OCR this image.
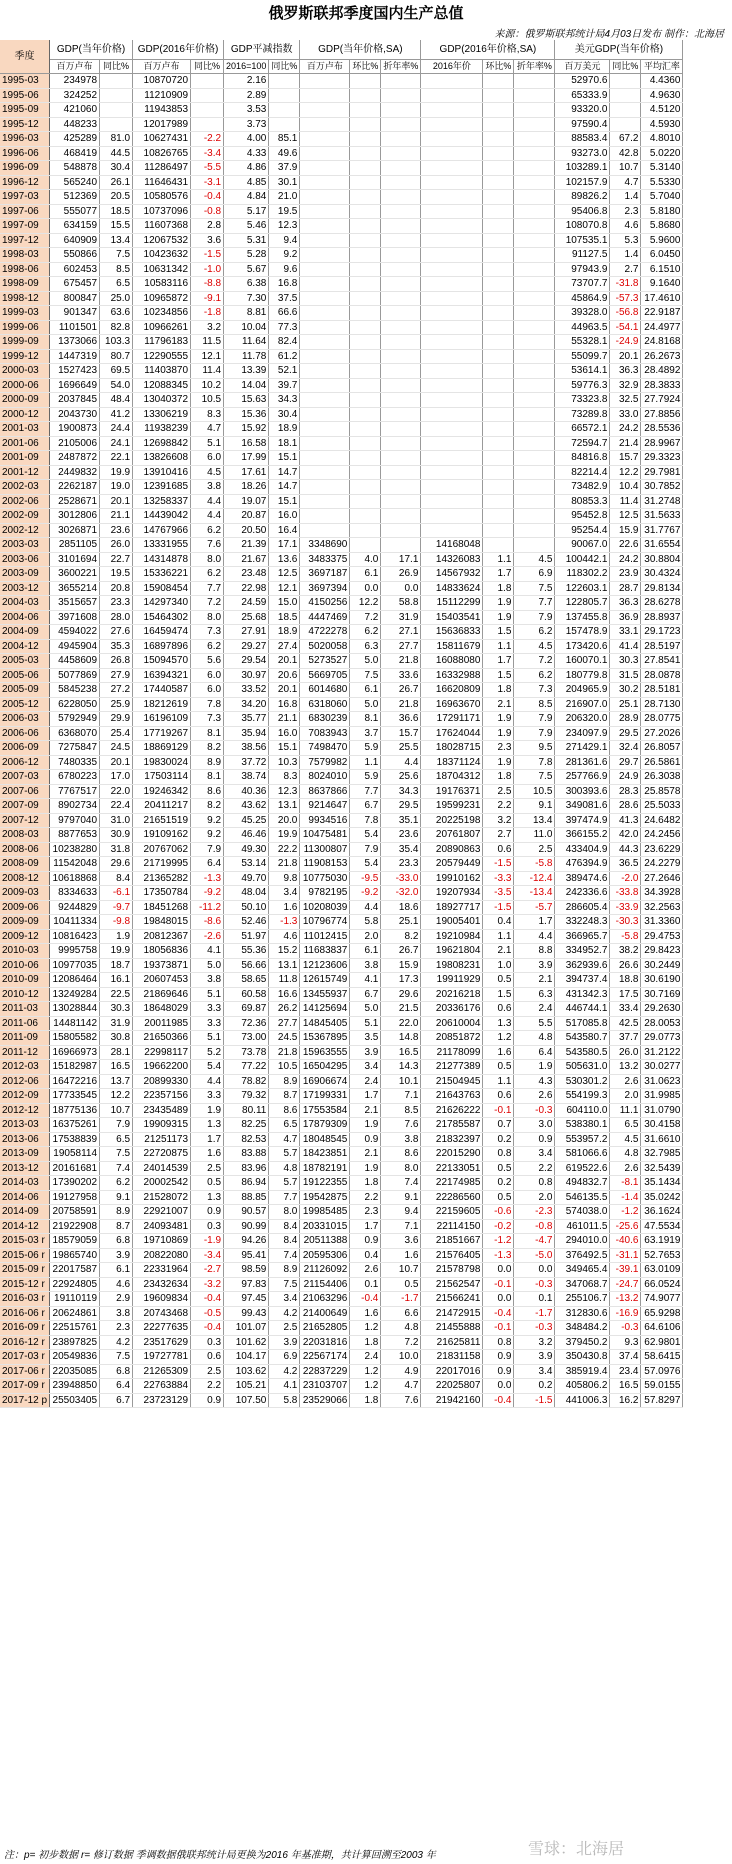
俄罗斯联邦季度国内生产总值
来源：俄罗斯联邦统计局4月03日发布 制作：北海居
季度	GDP(当年价格)		GDP(2016年价格)		GDP平减指数		GDP(当年价格,SA)			GDP(2016年价格,SA)			美元GDP(当年价格)		
	百万卢布	同比%	百万卢布	同比%	2016=100	同比%	百万卢布	环比%	折年率%	2016年价	环比%	折年率%	百万美元	同比%	平均汇率
1995-03	234978		10870720		2.16								52970.6		4.4360
1995-06	324252		11210909		2.89								65333.9		4.9630
1995-09	421060		11943853		3.53								93320.0		4.5120
1995-12	448233		12017989		3.73								97590.4		4.5930
1996-03	425289	81.0	10627431	-2.2	4.00	85.1							88583.4	67.2	4.8010
1996-06	468419	44.5	10826765	-3.4	4.33	49.6							93273.0	42.8	5.0220
1996-09	548878	30.4	11286497	-5.5	4.86	37.9							103289.1	10.7	5.3140
1996-12	565240	26.1	11646431	-3.1	4.85	30.1							102157.9	4.7	5.5330
1997-03	512369	20.5	10580576	-0.4	4.84	21.0							89826.2	1.4	5.7040
1997-06	555077	18.5	10737096	-0.8	5.17	19.5							95406.8	2.3	5.8180
1997-09	634159	15.5	11607368	2.8	5.46	12.3							108070.8	4.6	5.8680
1997-12	640909	13.4	12067532	3.6	5.31	9.4							107535.1	5.3	5.9600
1998-03	550866	7.5	10423632	-1.5	5.28	9.2							91127.5	1.4	6.0450
1998-06	602453	8.5	10631342	-1.0	5.67	9.6							97943.9	2.7	6.1510
1998-09	675457	6.5	10583116	-8.8	6.38	16.8							73707.7	-31.8	9.1640
1998-12	800847	25.0	10965872	-9.1	7.30	37.5							45864.9	-57.3	17.4610
1999-03	901347	63.6	10234856	-1.8	8.81	66.6							39328.0	-56.8	22.9187
1999-06	1101501	82.8	10966261	3.2	10.04	77.3							44963.5	-54.1	24.4977
1999-09	1373066	103.3	11796183	11.5	11.64	82.4							55328.1	-24.9	24.8168
1999-12	1447319	80.7	12290555	12.1	11.78	61.2							55099.7	20.1	26.2673
2000-03	1527423	69.5	11403870	11.4	13.39	52.1							53614.1	36.3	28.4892
2000-06	1696649	54.0	12088345	10.2	14.04	39.7							59776.3	32.9	28.3833
2000-09	2037845	48.4	13040372	10.5	15.63	34.3							73323.8	32.5	27.7924
2000-12	2043730	41.2	13306219	8.3	15.36	30.4							73289.8	33.0	27.8856
2001-03	1900873	24.4	11938239	4.7	15.92	18.9							66572.1	24.2	28.5536
2001-06	2105006	24.1	12698842	5.1	16.58	18.1							72594.7	21.4	28.9967
2001-09	2487872	22.1	13826608	6.0	17.99	15.1							84816.8	15.7	29.3323
2001-12	2449832	19.9	13910416	4.5	17.61	14.7							82214.4	12.2	29.7981
2002-03	2262187	19.0	12391685	3.8	18.26	14.7							73482.9	10.4	30.7852
2002-06	2528671	20.1	13258337	4.4	19.07	15.1							80853.3	11.4	31.2748
2002-09	3012806	21.1	14439042	4.4	20.87	16.0							95452.8	12.5	31.5633
2002-12	3026871	23.6	14767966	6.2	20.50	16.4							95254.4	15.9	31.7767
2003-03	2851105	26.0	13331955	7.6	21.39	17.1	3348690			14168048			90067.0	22.6	31.6554
2003-06	3101694	22.7	14314878	8.0	21.67	13.6	3483375	4.0	17.1	14326083	1.1	4.5	100442.1	24.2	30.8804
2003-09	3600221	19.5	15336221	6.2	23.48	12.5	3697187	6.1	26.9	14567932	1.7	6.9	118302.2	23.9	30.4324
2003-12	3655214	20.8	15908454	7.7	22.98	12.1	3697394	0.0	0.0	14833624	1.8	7.5	122603.1	28.7	29.8134
2004-03	3515657	23.3	14297340	7.2	24.59	15.0	4150256	12.2	58.8	15112299	1.9	7.7	122805.7	36.3	28.6278
2004-06	3971608	28.0	15464302	8.0	25.68	18.5	4447469	7.2	31.9	15403541	1.9	7.9	137455.8	36.9	28.8937
2004-09	4594022	27.6	16459474	7.3	27.91	18.9	4722278	6.2	27.1	15636833	1.5	6.2	157478.9	33.1	29.1723
2004-12	4945904	35.3	16897896	6.2	29.27	27.4	5020058	6.3	27.7	15811679	1.1	4.5	173420.6	41.4	28.5197
2005-03	4458609	26.8	15094570	5.6	29.54	20.1	5273527	5.0	21.8	16088080	1.7	7.2	160070.1	30.3	27.8541
2005-06	5077869	27.9	16394321	6.0	30.97	20.6	5669705	7.5	33.6	16332988	1.5	6.2	180779.8	31.5	28.0878
2005-09	5845238	27.2	17440587	6.0	33.52	20.1	6014680	6.1	26.7	16620809	1.8	7.3	204965.9	30.2	28.5181
2005-12	6228050	25.9	18212619	7.8	34.20	16.8	6318060	5.0	21.8	16963670	2.1	8.5	216907.0	25.1	28.7130
2006-03	5792949	29.9	16196109	7.3	35.77	21.1	6830239	8.1	36.6	17291171	1.9	7.9	206320.0	28.9	28.0775
2006-06	6368070	25.4	17719267	8.1	35.94	16.0	7083943	3.7	15.7	17624044	1.9	7.9	234097.9	29.5	27.2026
2006-09	7275847	24.5	18869129	8.2	38.56	15.1	7498470	5.9	25.5	18028715	2.3	9.5	271429.1	32.4	26.8057
2006-12	7480335	20.1	19830024	8.9	37.72	10.3	7579982	1.1	4.4	18371124	1.9	7.8	281361.6	29.7	26.5861
2007-03	6780223	17.0	17503114	8.1	38.74	8.3	8024010	5.9	25.6	18704312	1.8	7.5	257766.9	24.9	26.3038
2007-06	7767517	22.0	19246342	8.6	40.36	12.3	8637866	7.7	34.3	19176371	2.5	10.5	300393.6	28.3	25.8578
2007-09	8902734	22.4	20411217	8.2	43.62	13.1	9214647	6.7	29.5	19599231	2.2	9.1	349081.6	28.6	25.5033
2007-12	9797040	31.0	21651519	9.2	45.25	20.0	9934516	7.8	35.1	20225198	3.2	13.4	397474.9	41.3	24.6482
2008-03	8877653	30.9	19109162	9.2	46.46	19.9	10475481	5.4	23.6	20761807	2.7	11.0	366155.2	42.0	24.2456
2008-06	10238280	31.8	20767062	7.9	49.30	22.2	11300807	7.9	35.4	20890863	0.6	2.5	433404.9	44.3	23.6229
2008-09	11542048	29.6	21719995	6.4	53.14	21.8	11908153	5.4	23.3	20579449	-1.5	-5.8	476394.9	36.5	24.2279
2008-12	10618868	8.4	21365282	-1.3	49.70	9.8	10775030	-9.5	-33.0	19910162	-3.3	-12.4	389474.6	-2.0	27.2646
2009-03	8334633	-6.1	17350784	-9.2	48.04	3.4	9782195	-9.2	-32.0	19207934	-3.5	-13.4	242336.6	-33.8	34.3928
2009-06	9244829	-9.7	18451268	-11.2	50.10	1.6	10208039	4.4	18.6	18927717	-1.5	-5.7	286605.4	-33.9	32.2563
2009-09	10411334	-9.8	19848015	-8.6	52.46	-1.3	10796774	5.8	25.1	19005401	0.4	1.7	332248.3	-30.3	31.3360
2009-12	10816423	1.9	20812367	-2.6	51.97	4.6	11012415	2.0	8.2	19210984	1.1	4.4	366965.7	-5.8	29.4753
2010-03	9995758	19.9	18056836	4.1	55.36	15.2	11683837	6.1	26.7	19621804	2.1	8.8	334952.7	38.2	29.8423
2010-06	10977035	18.7	19373871	5.0	56.66	13.1	12123606	3.8	15.9	19808231	1.0	3.9	362939.6	26.6	30.2449
2010-09	12086464	16.1	20607453	3.8	58.65	11.8	12615749	4.1	17.3	19911929	0.5	2.1	394737.4	18.8	30.6190
2010-12	13249284	22.5	21869646	5.1	60.58	16.6	13455937	6.7	29.6	20216218	1.5	6.3	431342.3	17.5	30.7169
2011-03	13028844	30.3	18648029	3.3	69.87	26.2	14125694	5.0	21.5	20336176	0.6	2.4	446744.1	33.4	29.2630
2011-06	14481142	31.9	20011985	3.3	72.36	27.7	14845405	5.1	22.0	20610004	1.3	5.5	517085.8	42.5	28.0053
2011-09	15805582	30.8	21650366	5.1	73.00	24.5	15367895	3.5	14.8	20851872	1.2	4.8	543580.7	37.7	29.0773
2011-12	16966973	28.1	22998117	5.2	73.78	21.8	15963555	3.9	16.5	21178099	1.6	6.4	543580.5	26.0	31.2122
2012-03	15182987	16.5	19662200	5.4	77.22	10.5	16504295	3.4	14.3	21277389	0.5	1.9	505631.0	13.2	30.0277
2012-06	16472216	13.7	20899330	4.4	78.82	8.9	16906674	2.4	10.1	21504945	1.1	4.3	530301.2	2.6	31.0623
2012-09	17733545	12.2	22357156	3.3	79.32	8.7	17199331	1.7	7.1	21643763	0.6	2.6	554199.3	2.0	31.9985
2012-12	18775136	10.7	23435489	1.9	80.11	8.6	17553584	2.1	8.5	21626222	-0.1	-0.3	604110.0	11.1	31.0790
2013-03	16375261	7.9	19909315	1.3	82.25	6.5	17879309	1.9	7.6	21785587	0.7	3.0	538380.1	6.5	30.4158
2013-06	17538839	6.5	21251173	1.7	82.53	4.7	18048545	0.9	3.8	21832397	0.2	0.9	553957.2	4.5	31.6610
2013-09	19058114	7.5	22720875	1.6	83.88	5.7	18423851	2.1	8.6	22015290	0.8	3.4	581066.6	4.8	32.7985
2013-12	20161681	7.4	24014539	2.5	83.96	4.8	18782191	1.9	8.0	22133051	0.5	2.2	619522.6	2.6	32.5439
2014-03	17390202	6.2	20002542	0.5	86.94	5.7	19122355	1.8	7.4	22174985	0.2	0.8	494832.7	-8.1	35.1434
2014-06	19127958	9.1	21528072	1.3	88.85	7.7	19542875	2.2	9.1	22286560	0.5	2.0	546135.5	-1.4	35.0242
2014-09	20758591	8.9	22921007	0.9	90.57	8.0	19985485	2.3	9.4	22159605	-0.6	-2.3	574038.0	-1.2	36.1624
2014-12	21922908	8.7	24093481	0.3	90.99	8.4	20331015	1.7	7.1	22114150	-0.2	-0.8	461011.5	-25.6	47.5534
2015-03 r	18579059	6.8	19710869	-1.9	94.26	8.4	20511388	0.9	3.6	21851667	-1.2	-4.7	294010.0	-40.6	63.1919
2015-06 r	19865740	3.9	20822080	-3.4	95.41	7.4	20595306	0.4	1.6	21576405	-1.3	-5.0	376492.5	-31.1	52.7653
2015-09 r	22017587	6.1	22331964	-2.7	98.59	8.9	21126092	2.6	10.7	21578798	0.0	0.0	349465.4	-39.1	63.0109
2015-12 r	22924805	4.6	23432634	-3.2	97.83	7.5	21154406	0.1	0.5	21562547	-0.1	-0.3	347068.7	-24.7	66.0524
2016-03 r	19110119	2.9	19609834	-0.4	97.45	3.4	21063296	-0.4	-1.7	21566241	0.0	0.1	255106.7	-13.2	74.9077
2016-06 r	20624861	3.8	20743468	-0.5	99.43	4.2	21400649	1.6	6.6	21472915	-0.4	-1.7	312830.6	-16.9	65.9298
2016-09 r	22515761	2.3	22277635	-0.4	101.07	2.5	21652805	1.2	4.8	21455888	-0.1	-0.3	348484.2	-0.3	64.6106
2016-12 r	23897825	4.2	23517629	0.3	101.62	3.9	22031816	1.8	7.2	21625811	0.8	3.2	379450.2	9.3	62.9801
2017-03 r	20549836	7.5	19727781	0.6	104.17	6.9	22567174	2.4	10.0	21831158	0.9	3.9	350430.8	37.4	58.6415
2017-06 r	22035085	6.8	21265309	2.5	103.62	4.2	22837229	1.2	4.9	22017016	0.9	3.4	385919.4	23.4	57.0976
2017-09 r	23948850	6.4	22763884	2.2	105.21	4.1	23103707	1.2	4.7	22025807	0.0	0.2	405806.2	16.5	59.0155
2017-12 p	25503405	6.7	23723129	0.9	107.50	5.8	23529066	1.8	7.6	21942160	-0.4	-1.5	441006.3	16.2	57.8297
注：p= 初步数据 r= 修订数据 季调数据俄联邦统计局更换为2016 年基准期，共计算回溯至2003 年	雪球：北海居
